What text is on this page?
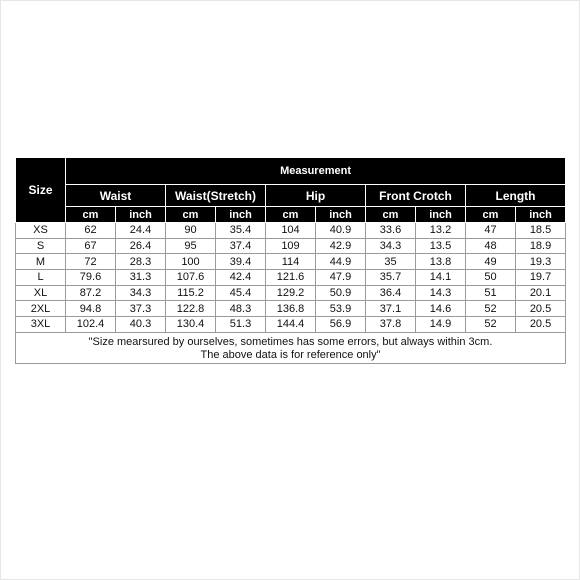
Size	Measurement									
	Waist		Waist(Stretch)		Hip		Front Crotch		Length	
	cm	inch	cm	inch	cm	inch	cm	inch	cm	inch
XS	62	24.4	90	35.4	104	40.9	33.6	13.2	47	18.5
S	67	26.4	95	37.4	109	42.9	34.3	13.5	48	18.9
M	72	28.3	100	39.4	114	44.9	35	13.8	49	19.3
L	79.6	31.3	107.6	42.4	121.6	47.9	35.7	14.1	50	19.7
XL	87.2	34.3	115.2	45.4	129.2	50.9	36.4	14.3	51	20.1
2XL	94.8	37.3	122.8	48.3	136.8	53.9	37.1	14.6	52	20.5
3XL	102.4	40.3	130.4	51.3	144.4	56.9	37.8	14.9	52	20.5

"Size mearsured by ourselves, sometimes has some errors, but always within 3cm.
The above data is for reference only"										
